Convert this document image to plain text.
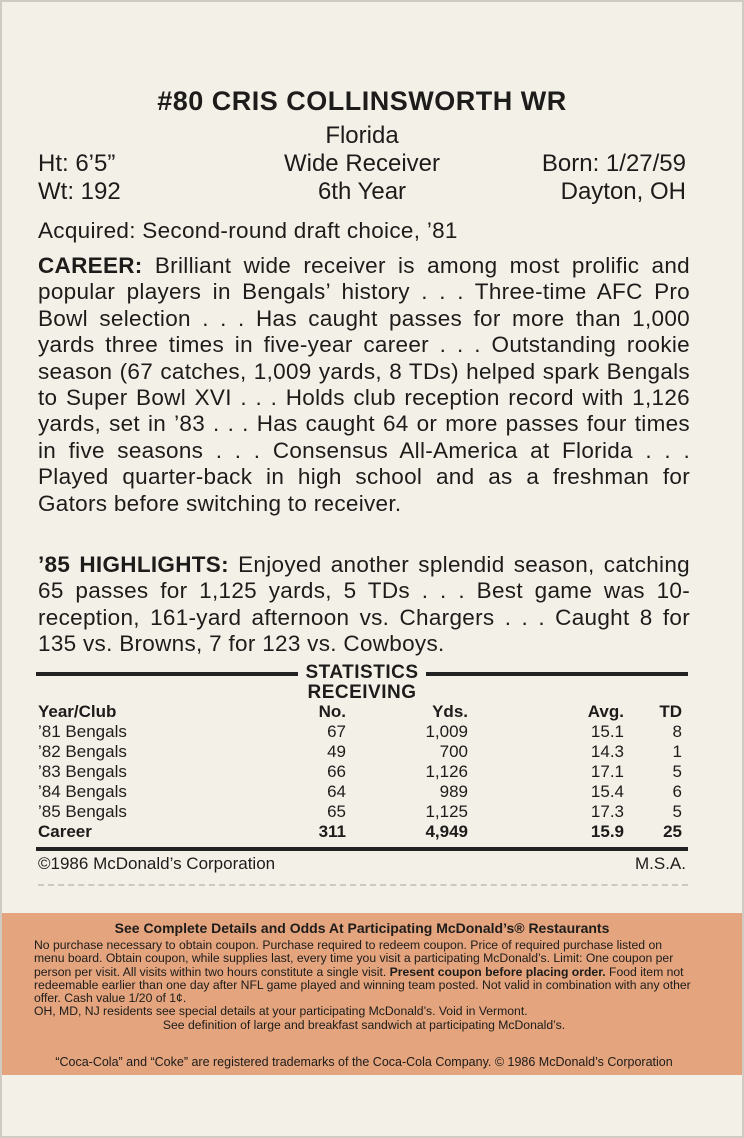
#80 CRIS COLLINSWORTH WR
Florida
Ht: 6’5”	Wide Receiver	Born: 1/27/59
Wt: 192	6th Year	Dayton, OH
Acquired: Second-round draft choice, ’81
CAREER: Brilliant wide receiver is among most prolific and popular players in Bengals’ history . . . Three-time AFC Pro Bowl selection . . . Has caught passes for more than 1,000 yards three times in five-year career . . . Outstanding rookie season (67 catches, 1,009 yards, 8 TDs) helped spark Bengals to Super Bowl XVI . . . Holds club reception record with 1,126 yards, set in ’83 . . . Has caught 64 or more passes four times in five seasons . . . Consensus All-America at Florida . . . Played quarter-back in high school and as a freshman for Gators before switching to receiver.
’85 HIGHLIGHTS: Enjoyed another splendid season, catching 65 passes for 1,125 yards, 5 TDs . . . Best game was 10-reception, 161-yard afternoon vs. Chargers . . . Caught 8 for 135 vs. Browns, 7 for 123 vs. Cowboys.
STATISTICS
RECEIVING
Year/Club	No.	Yds.	Avg.	TD
’81 Bengals	67	1,009	15.1	8
’82 Bengals	49	700	14.3	1
’83 Bengals	66	1,126	17.1	5
’84 Bengals	64	989	15.4	6
’85 Bengals	65	1,125	17.3	5
Career	311	4,949	15.9	25
©1986 McDonald’s Corporation	M.S.A.
See Complete Details and Odds At Participating McDonald’s® Restaurants

No purchase necessary to obtain coupon. Purchase required to redeem coupon. Price of required purchase listed on menu board. Obtain coupon, while supplies last, every time you visit a participating McDonald’s. Limit: One coupon per person per visit. All visits within two hours constitute a single visit. Present coupon before placing order. Food item not redeemable earlier than one day after NFL game played and winning team posted. Not valid in combination with any other offer. Cash value 1/20 of 1¢.

OH, MD, NJ residents see special details at your participating McDonald’s. Void in Vermont.

See definition of large and breakfast sandwich at participating McDonald’s.

“Coca-Cola” and “Coke” are registered trademarks of the Coca-Cola Company. © 1986 McDonald’s Corporation
